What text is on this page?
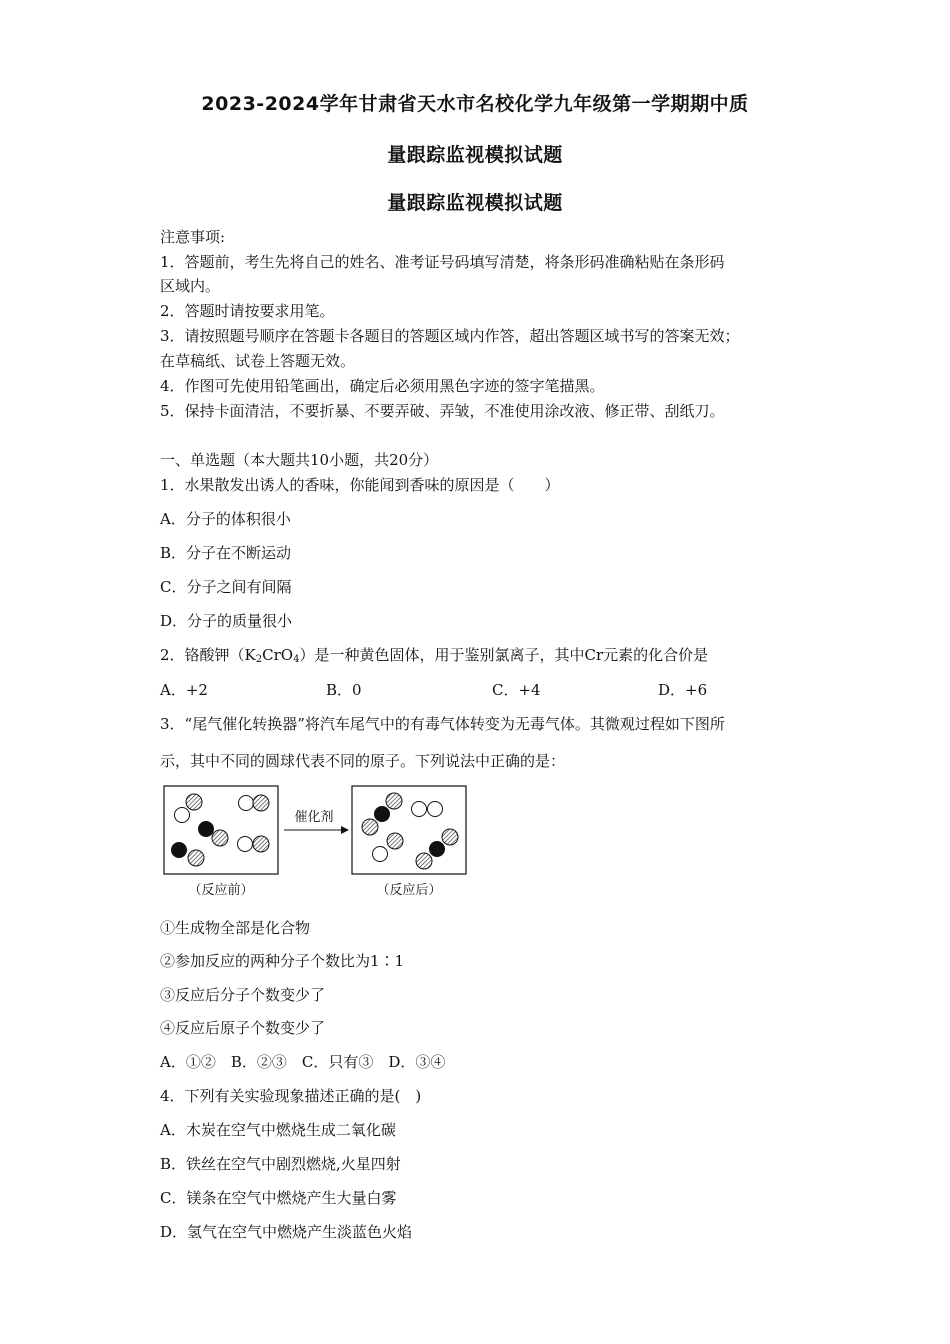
2023-2024学年甘肃省天水市名校化学九年级第一学期期中质
量跟踪监视模拟试题
量跟踪监视模拟试题
注意事项:
1．答题前，考生先将自己的姓名、准考证号码填写清楚，将条形码准确粘贴在条形码
区域内。
2．答题时请按要求用笔。
3．请按照题号顺序在答题卡各题目的答题区域内作答，超出答题区域书写的答案无效；
在草稿纸、试卷上答题无效。
4．作图可先使用铅笔画出，确定后必须用黑色字迹的签字笔描黑。
5．保持卡面清洁，不要折暴、不要弄破、弄皱，不准使用涂改液、修正带、刮纸刀。
一、单选题（本大题共10小题，共20分）
1．水果散发出诱人的香味，你能闻到香味的原因是（　　）
A．分子的体积很小
B．分子在不断运动
C．分子之间有间隔
D．分子的质量很小
2．铬酸钾$(K_2CrO_4)$是一种黄色固体，用于鉴别氯离子，其中Cr元素的化合价是
A．+2	B．0	C．+4	D．+6
3．“尾气催化转换器”将汽车尾气中的有毒气体转变为无毒气体。其微观过程如下图所
示，其中不同的圆球代表不同的原子。下列说法中正确的是：
催化剂
（反应前）	（反应后）
①生成物全部是化合物
②参加反应的两种分子个数比为1∶1
③反应后分子个数变少了
④反应后原子个数变少了
A．①②　B．②③　C．只有③　D．③④
4．下列有关实验现象描述正确的是(　)
A．木炭在空气中燃烧生成二氧化碳
B．铁丝在空气中剧烈燃烧,火星四射
C．镁条在空气中燃烧产生大量白雾
D．氢气在空气中燃烧产生淡蓝色火焰
